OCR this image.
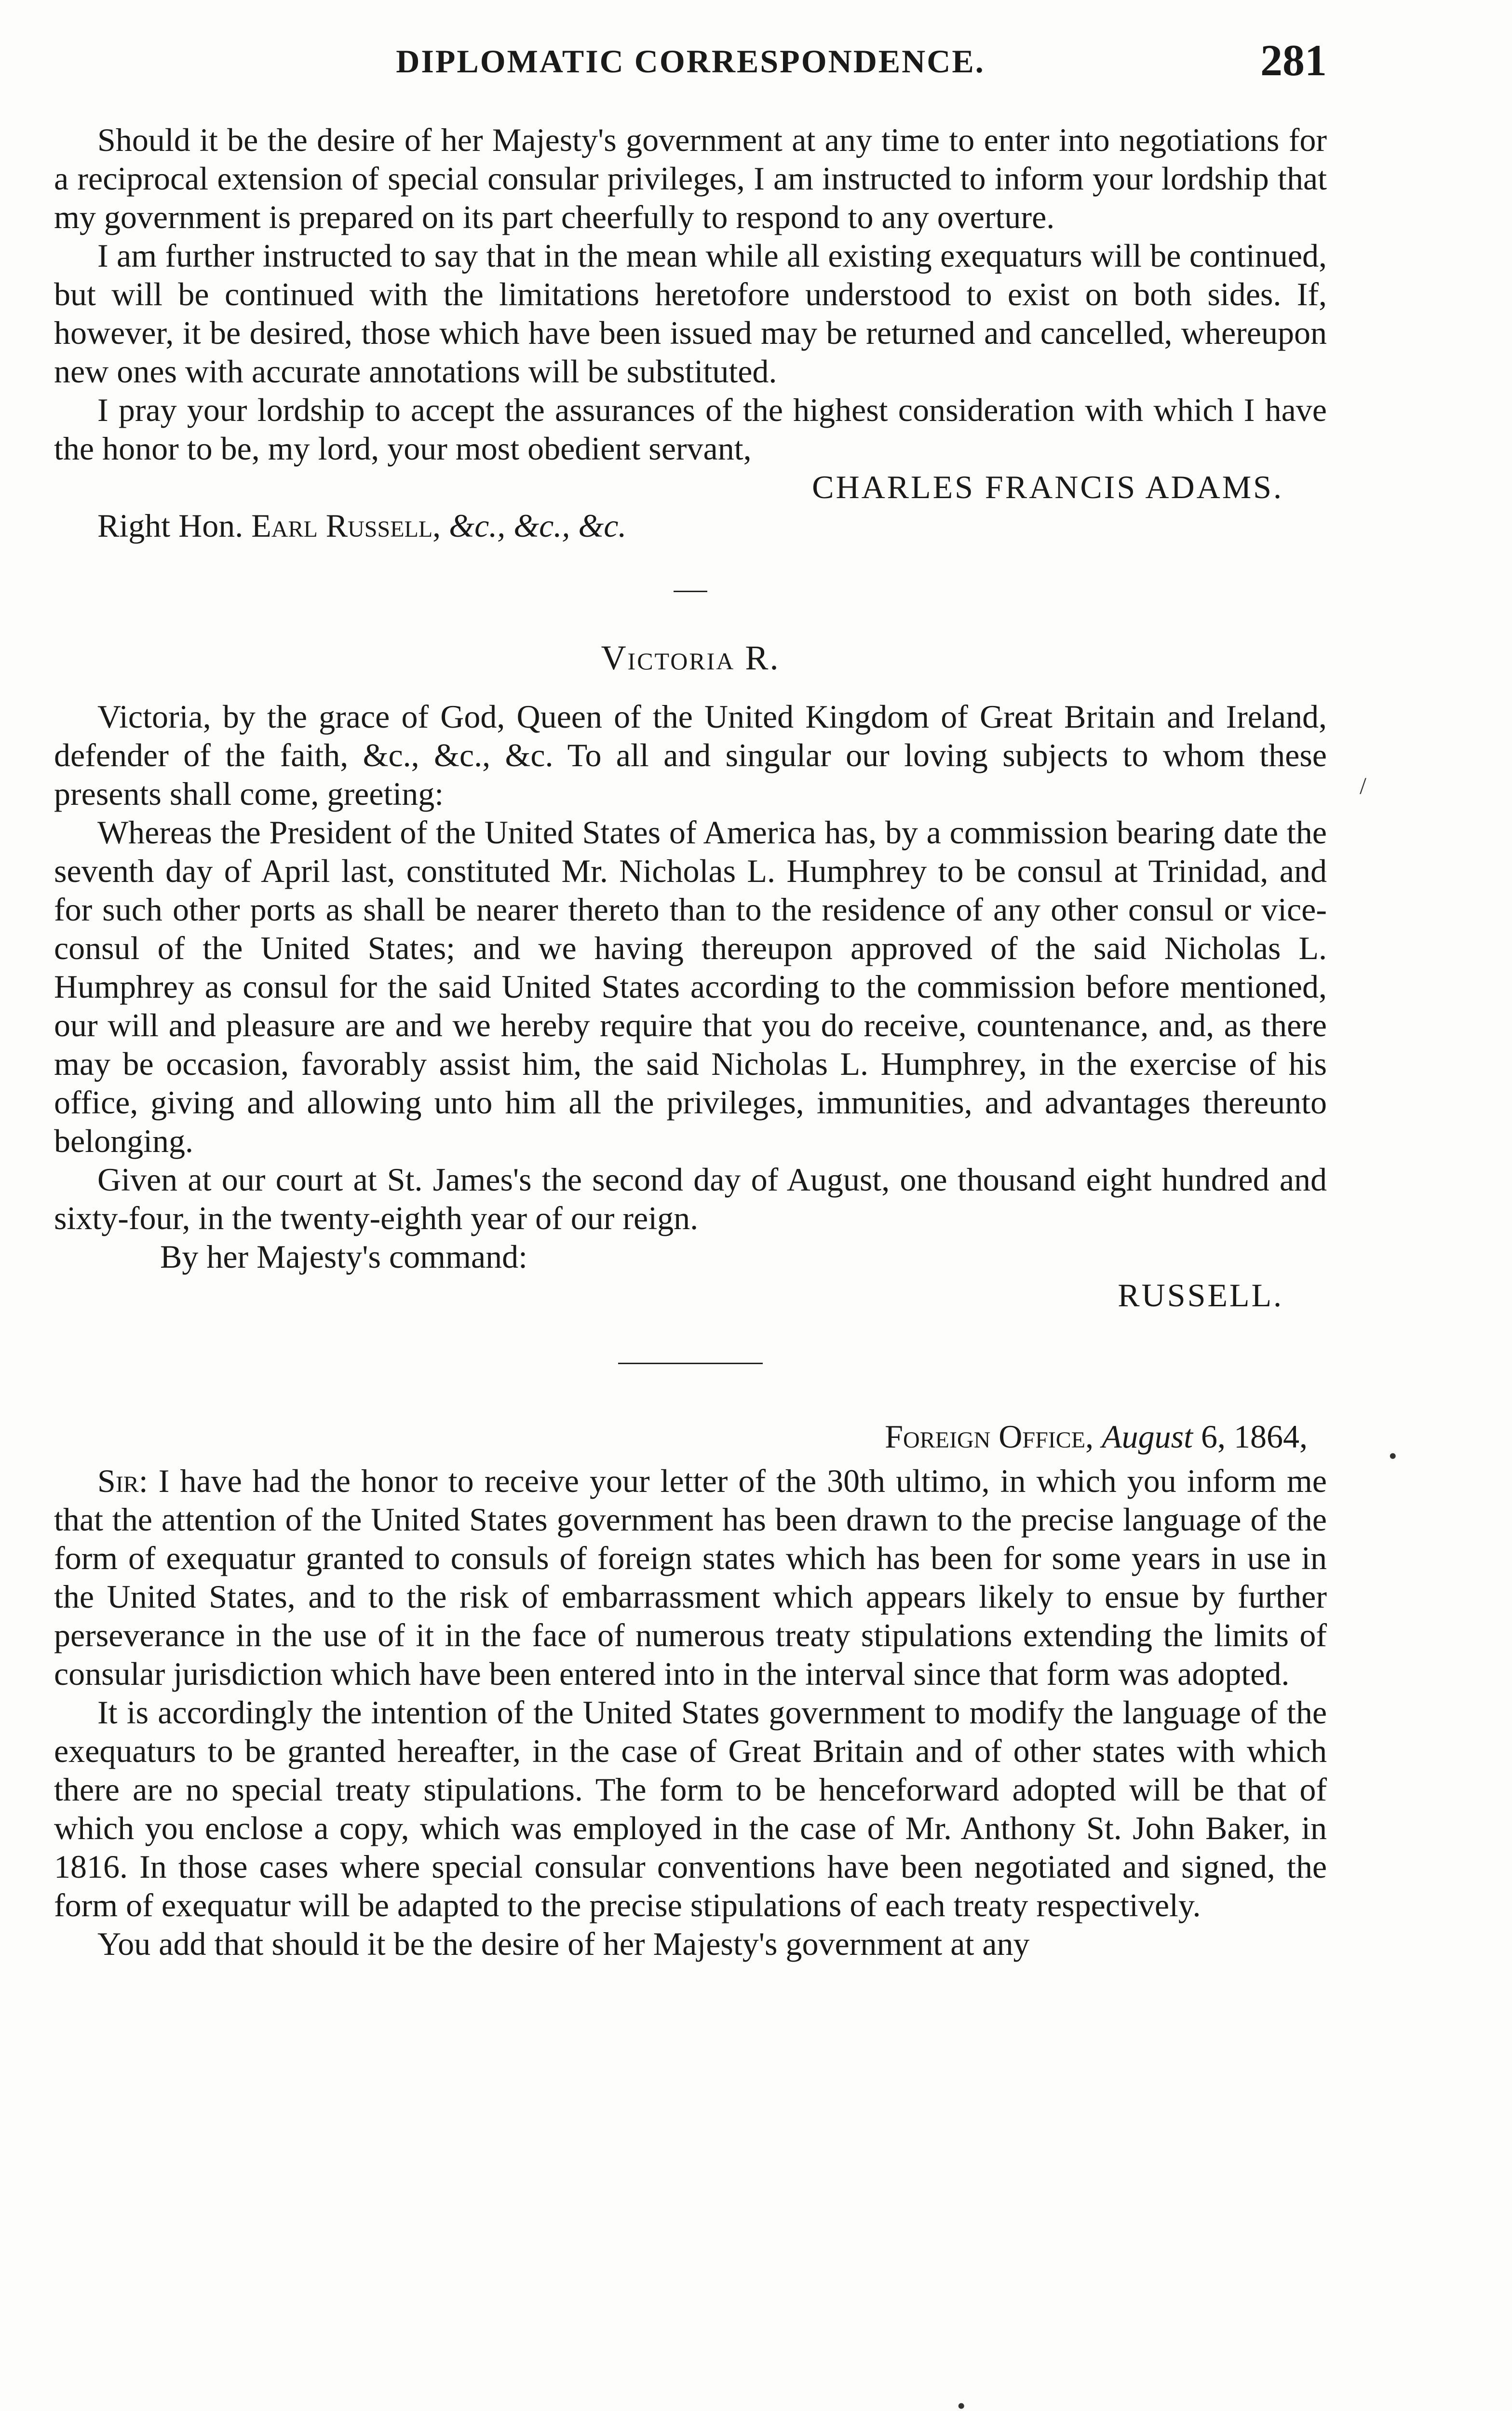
DIPLOMATIC CORRESPONDENCE.	281

Should it be the desire of her Majesty's government at any time to enter into negotiations for a reciprocal extension of special consular privileges, I am instructed to inform your lordship that my government is prepared on its part cheerfully to respond to any overture.

I am further instructed to say that in the mean while all existing exequaturs will be continued, but will be continued with the limitations heretofore understood to exist on both sides. If, however, it be desired, those which have been issued may be returned and cancelled, whereupon new ones with accurate annotations will be substituted.

I pray your lordship to accept the assurances of the highest consideration with which I have the honor to be, my lord, your most obedient servant,

CHARLES FRANCIS ADAMS.
Right Hon. Earl Russell, &c., &c., &c.
Victoria R.

Victoria, by the grace of God, Queen of the United Kingdom of Great Britain and Ireland, defender of the faith, &c., &c., &c. To all and singular our loving subjects to whom these presents shall come, greeting:

Whereas the President of the United States of America has, by a commission bearing date the seventh day of April last, constituted Mr. Nicholas L. Humphrey to be consul at Trinidad, and for such other ports as shall be nearer thereto than to the residence of any other consul or vice-consul of the United States; and we having thereupon approved of the said Nicholas L. Humphrey as consul for the said United States according to the commission before mentioned, our will and pleasure are and we hereby require that you do receive, countenance, and, as there may be occasion, favorably assist him, the said Nicholas L. Humphrey, in the exercise of his office, giving and allowing unto him all the privileges, immunities, and advantages thereunto belonging.

Given at our court at St. James's the second day of August, one thousand eight hundred and sixty-four, in the twenty-eighth year of our reign.

By her Majesty's command:
RUSSELL.
Foreign Office, August 6, 1864,

Sir: I have had the honor to receive your letter of the 30th ultimo, in which you inform me that the attention of the United States government has been drawn to the precise language of the form of exequatur granted to consuls of foreign states which has been for some years in use in the United States, and to the risk of embarrassment which appears likely to ensue by further perseverance in the use of it in the face of numerous treaty stipulations extending the limits of consular jurisdiction which have been entered into in the interval since that form was adopted.

It is accordingly the intention of the United States government to modify the language of the exequaturs to be granted hereafter, in the case of Great Britain and of other states with which there are no special treaty stipulations. The form to be henceforward adopted will be that of which you enclose a copy, which was employed in the case of Mr. Anthony St. John Baker, in 1816. In those cases where special consular conventions have been negotiated and signed, the form of exequatur will be adapted to the precise stipulations of each treaty respectively.

You add that should it be the desire of her Majesty's government at any

/
•
•
